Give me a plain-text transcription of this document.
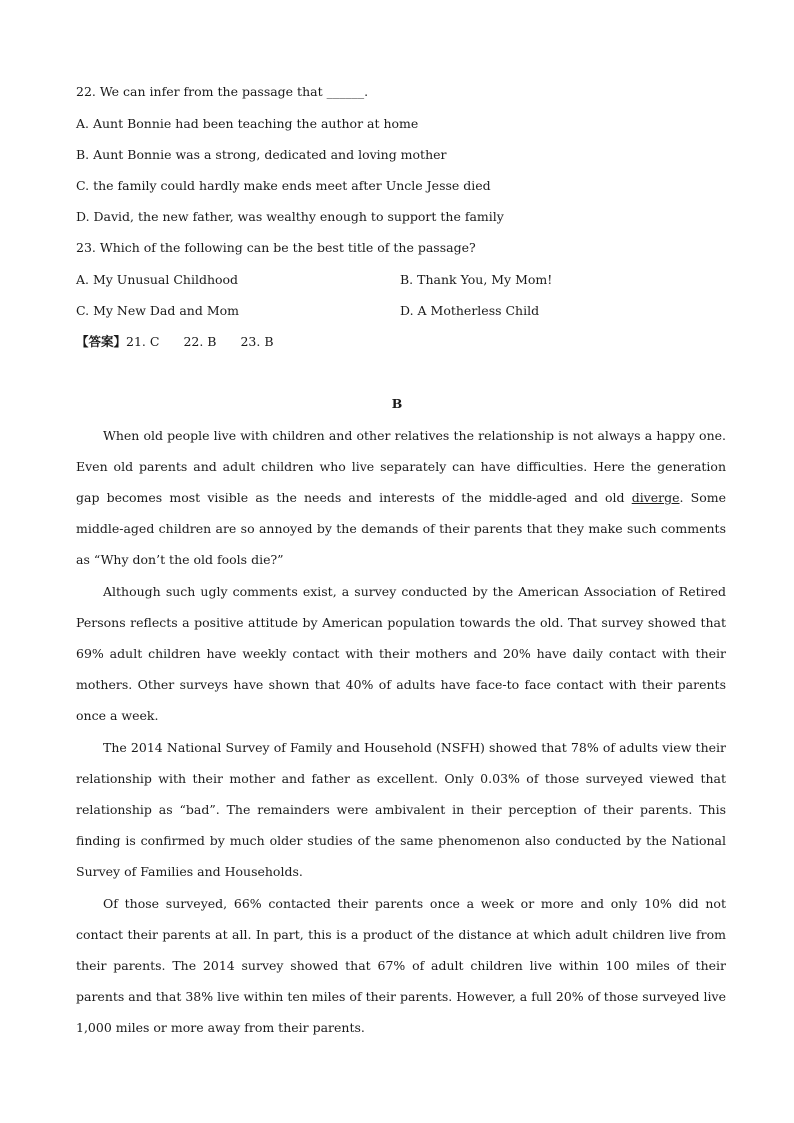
22. We can infer from the passage that ______.
A. Aunt Bonnie had been teaching the author at home
B. Aunt Bonnie was a strong, dedicated and loving mother
C. the family could hardly make ends meet after Uncle Jesse died
D. David, the new father, was wealthy enough to support the family
23. Which of the following can be the best title of the passage?
A. My Unusual Childhood	B. Thank You, My Mom!
C. My New Dad and Mom	D. A Motherless Child
【答案】21. C 22. B 23. B
B

When old people live with children and other relatives the relationship is not always a happy one. Even old parents and adult children who live separately can have difficulties. Here the generation gap becomes most visible as the needs and interests of the middle-aged and old diverge. Some middle-aged children are so annoyed by the demands of their parents that they make such comments as “Why don’t the old fools die?”

Although such ugly comments exist, a survey conducted by the American Association of Retired Persons reflects a positive attitude by American population towards the old. That survey showed that 69% adult children have weekly contact with their mothers and 20% have daily contact with their mothers. Other surveys have shown that 40% of adults have face-to face contact with their parents once a week.

The 2014 National Survey of Family and Household (NSFH) showed that 78% of adults view their relationship with their mother and father as excellent. Only 0.03% of those surveyed viewed that relationship as “bad”. The remainders were ambivalent in their perception of their parents. This finding is confirmed by much older studies of the same phenomenon also conducted by the National Survey of Families and Households.

Of those surveyed, 66% contacted their parents once a week or more and only 10% did not contact their parents at all. In part, this is a product of the distance at which adult children live from their parents. The 2014 survey showed that 67% of adult children live within 100 miles of their parents and that 38% live within ten miles of their parents. However, a full 20% of those surveyed live 1,000 miles or more away from their parents.
